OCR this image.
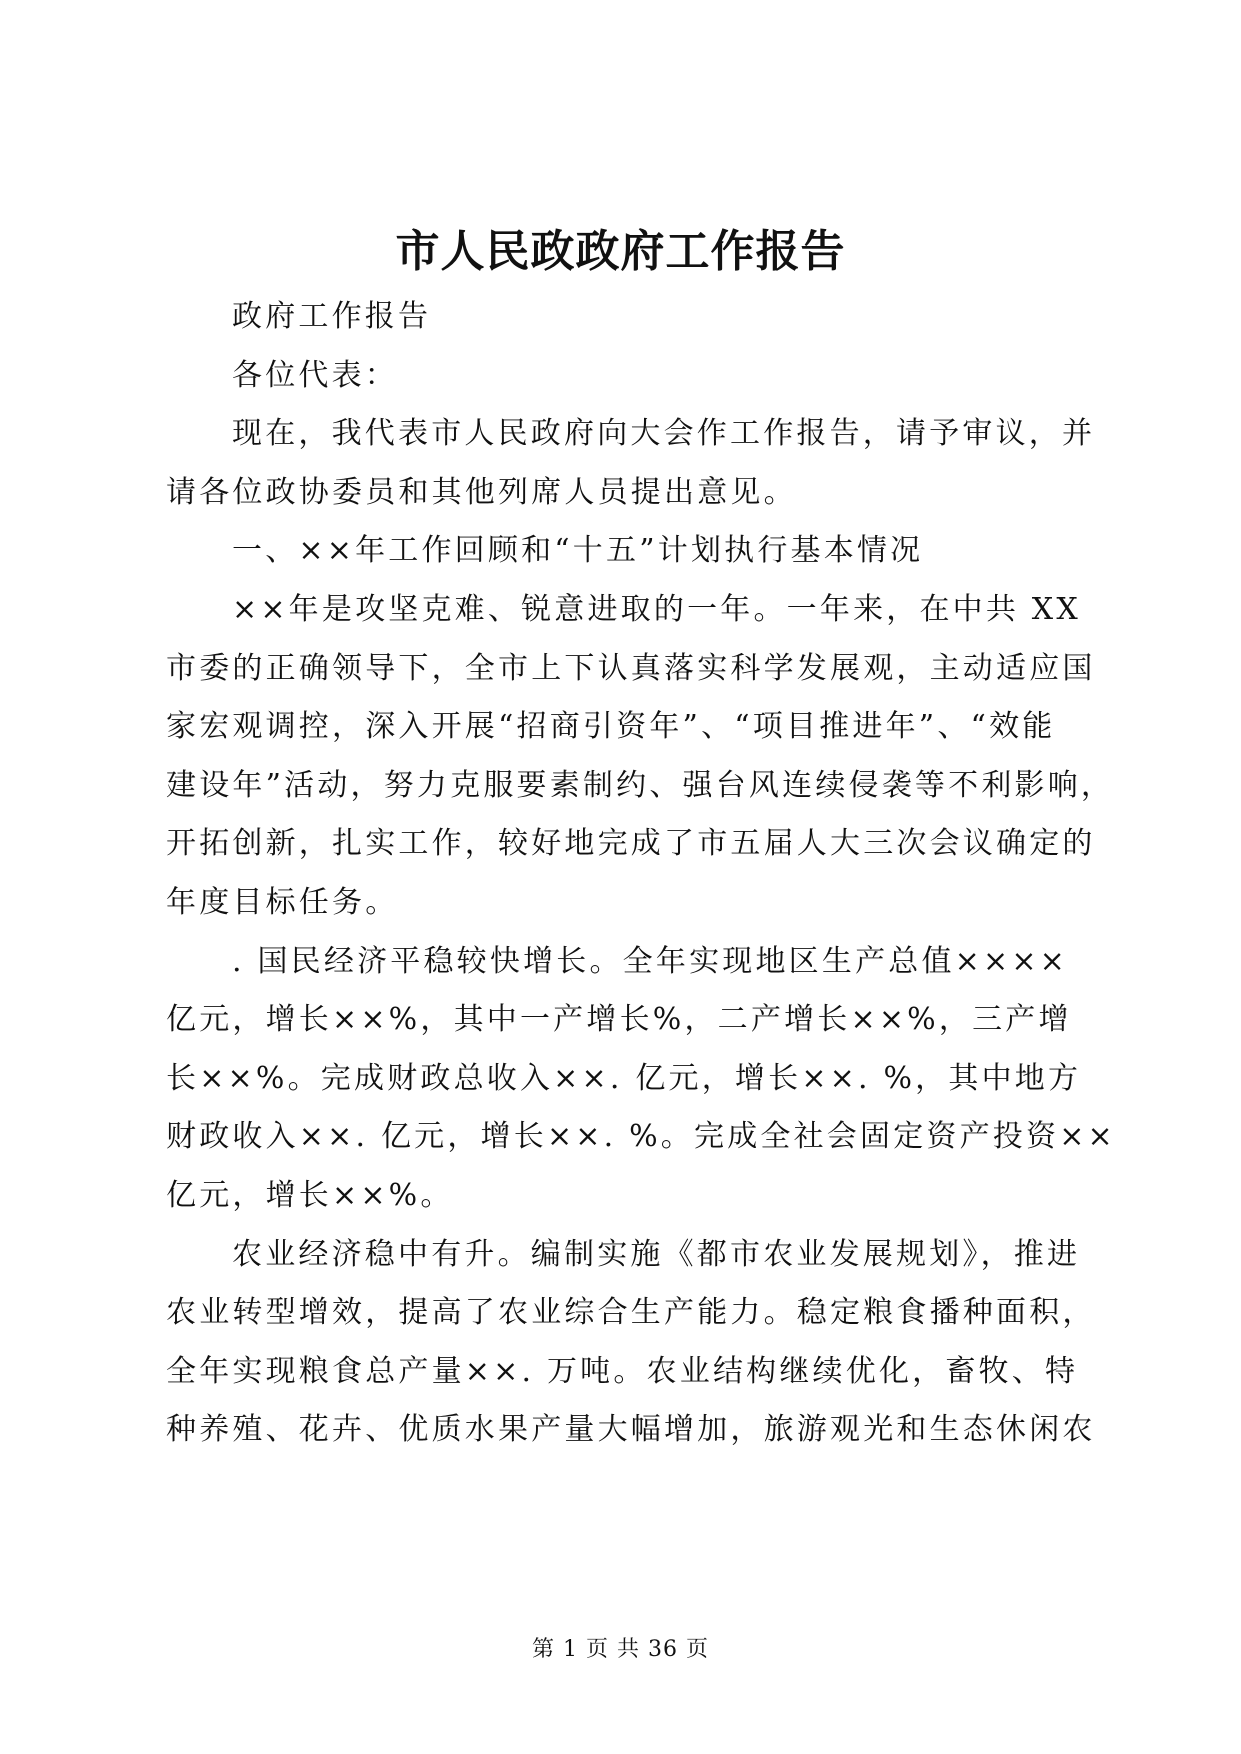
市人民政政府工作报告
政府工作报告
各位代表：
现在，我代表市人民政府向大会作工作报告，请予审议，并
请各位政协委员和其他列席人员提出意见。
一、××年工作回顾和“十五”计划执行基本情况
××年是攻坚克难、锐意进取的一年。一年来，在中共 XX
市委的正确领导下，全市上下认真落实科学发展观，主动适应国
家宏观调控，深入开展“招商引资年”、“项目推进年”、“效能
建设年”活动，努力克服要素制约、强台风连续侵袭等不利影响，
开拓创新，扎实工作，较好地完成了市五届人大三次会议确定的
年度目标任务。
. 国民经济平稳较快增长。全年实现地区生产总值××××
亿元，增长××%，其中一产增长%，二产增长××%，三产增
长××%。完成财政总收入××. 亿元，增长××. %，其中地方
财政收入××. 亿元，增长××. %。完成全社会固定资产投资××
亿元，增长××%。
农业经济稳中有升。编制实施《都市农业发展规划》，推进
农业转型增效，提高了农业综合生产能力。稳定粮食播种面积，
全年实现粮食总产量××. 万吨。农业结构继续优化，畜牧、特
种养殖、花卉、优质水果产量大幅增加，旅游观光和生态休闲农
第 1 页 共 36 页
